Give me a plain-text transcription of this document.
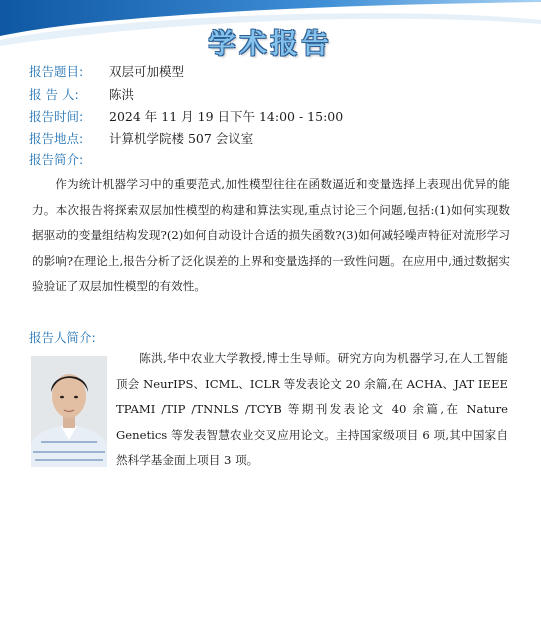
学术报告
报告题目: 双层可加模型
报 告 人: 陈洪
报告时间: 2024 年 11 月 19 日下午 14:00 - 15:00
报告地点: 计算机学院楼 507 会议室
报告简介:

作为统计机器学习中的重要范式,加性模型往往在函数逼近和变量选择上表现出优异的能力。本次报告将探索双层加性模型的构建和算法实现,重点讨论三个问题,包括:(1)如何实现数据驱动的变量组结构发现?(2)如何自动设计合适的损失函数?(3)如何减轻噪声特征对流形学习的影响?在理论上,报告分析了泛化误差的上界和变量选择的一致性问题。在应用中,通过数据实验验证了双层加性模型的有效性。

报告人简介:

陈洪,华中农业大学教授,博士生导师。研究方向为机器学习,在人工智能顶会 NeurIPS、ICML、ICLR 等发表论文 20 余篇,在 ACHA、JAT IEEE TPAMI /TIP /TNNLS /TCYB 等期刊发表论文 40 余篇,在 Nature Genetics 等发表智慧农业交叉应用论文。主持国家级项目 6 项,其中国家自然科学基金面上项目 3 项。
